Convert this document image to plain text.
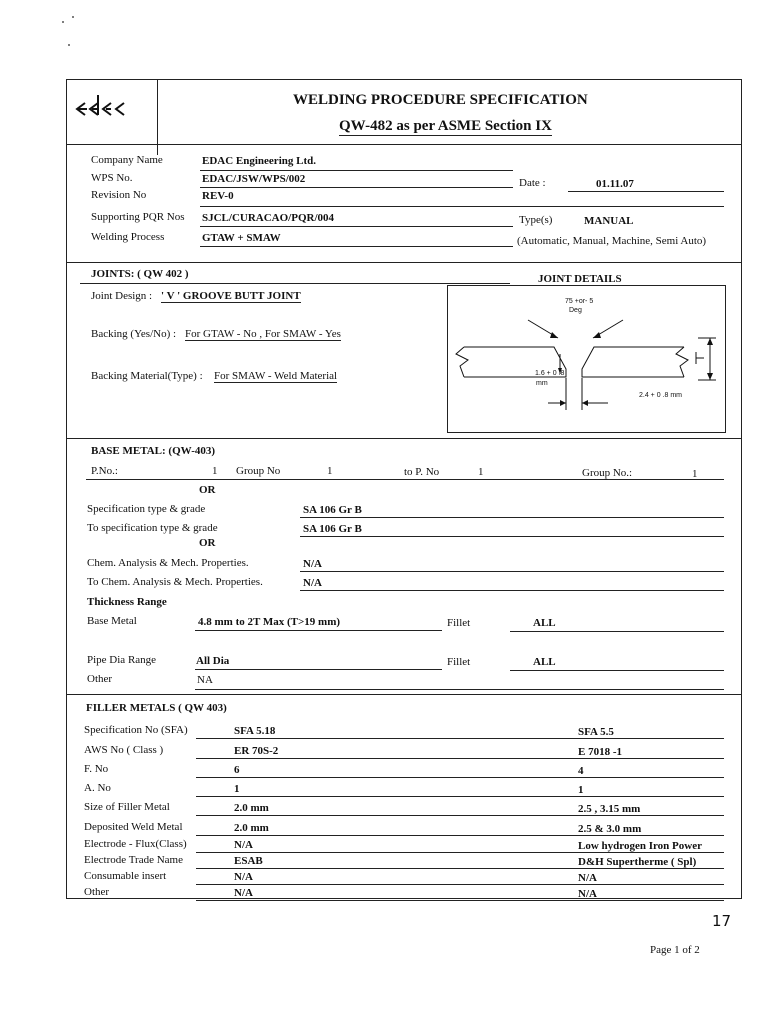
WELDING PROCEDURE SPECIFICATION
QW-482 as per ASME Section IX
Company Name	EDAC Engineering Ltd.
WPS No.	EDAC/JSW/WPS/002	Date :	01.11.07
Revision No	REV-0
Supporting PQR Nos SJCL/CURACAO/PQR/004	Type(s)	MANUAL
Welding Process	GTAW + SMAW	(Automatic, Manual, Machine, Semi Auto)
JOINTS: ( QW 402 )	JOINT DETAILS
Joint Design : ' V ' GROOVE BUTT JOINT
Backing (Yes/No) : For GTAW - No , For SMAW - Yes
Backing Material(Type) : For SMAW - Weld Material
75 +or- 5
Deg
1.6 + 0 .8
mm
2.4 + 0 .8 mm
BASE METAL: (QW-403)
P.No.:	1 Group No	1	to P. No	1	Group No.:	1
OR
Specification type & grade	SA 106 Gr B
To specification type & grade	SA 106 Gr B
OR
Chem. Analysis & Mech. Properties.	N/A
To Chem. Analysis & Mech. Properties.	N/A
Thickness Range
Base Metal	4.8 mm to 2T Max (T>19 mm)	Fillet	ALL
Pipe Dia Range	All Dia	Fillet	ALL
Other	NA
FILLER METALS ( QW 403)
Specification No (SFA)	SFA 5.18	SFA 5.5
AWS No ( Class )	ER 70S-2	E 7018 -1
F. No	6	4
A. No	1	1
Size of Filler Metal	2.0 mm	2.5 , 3.15 mm
Deposited Weld Metal	2.0 mm	2.5 & 3.0 mm
Electrode - Flux(Class)	N/A	Low hydrogen Iron Power
Electrode Trade Name	ESAB	D&H Supertherme ( Spl)
Consumable insert	N/A	N/A
Other	N/A	N/A
17
Page 1 of 2
